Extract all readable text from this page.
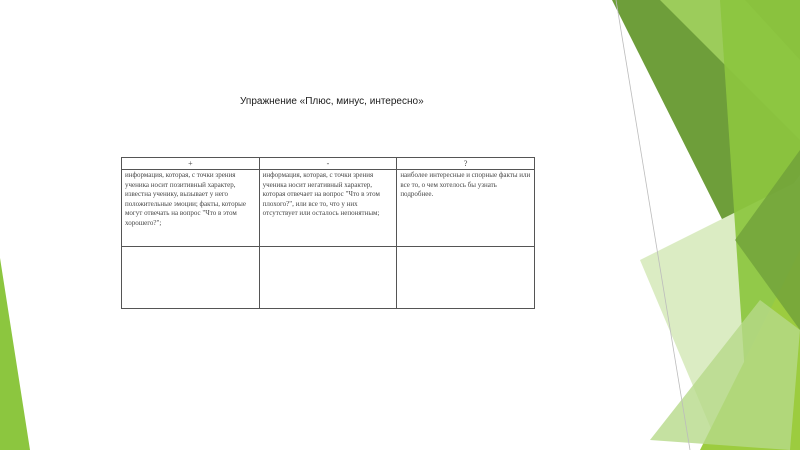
Упражнение «Плюс, минус, интересно»
+	-	?
информация, которая, с точки зрения ученика носит позитивный характер, известна ученику, вызывает у него положительные эмоции; факты, которые могут отвечать на вопрос "Что в этом хорошего?";	информация, которая, с точки зрения ученика носит негативный характер, которая отвечает на вопрос "Что в этом плохого?", или все то, что у них отсутствует или осталось непонятным;	наиболее интересные и спорные факты или все то, о чем хотелось бы узнать подробнее.
